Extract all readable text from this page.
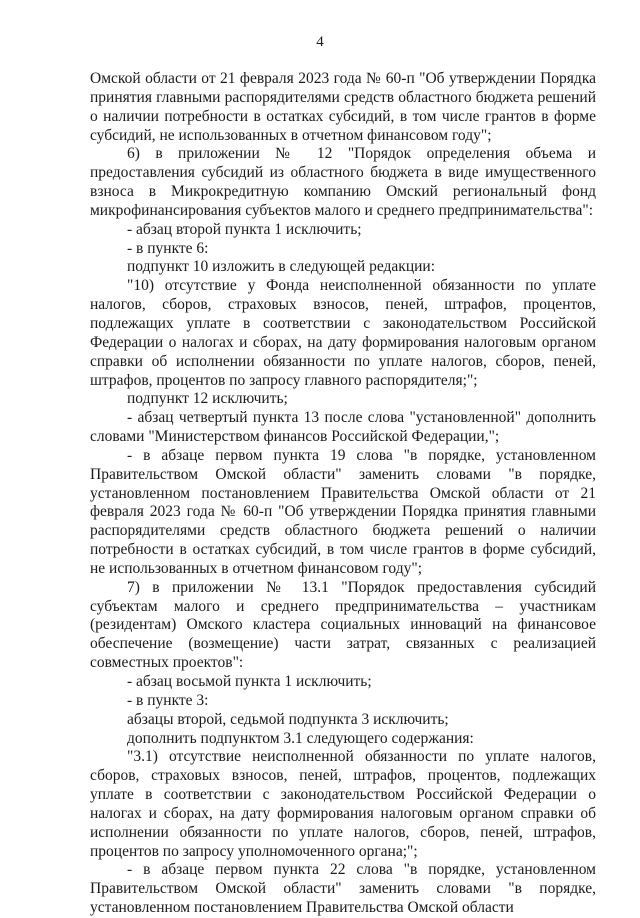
4

Омской области от 21 февраля 2023 года № 60-п "Об утверждении Порядка принятия главными распорядителями средств областного бюджета решений о наличии потребности в остатках субсидий, в том числе грантов в форме субсидий, не использованных в отчетном финансовом году";

6) в приложении № 12 "Порядок определения объема и предоставления субсидий из областного бюджета в виде имущественного взноса в Микрокредитную компанию Омский региональный фонд микрофинансирования субъектов малого и среднего предпринимательства":

- абзац второй пункта 1 исключить;

- в пункте 6:

подпункт 10 изложить в следующей редакции:

"10) отсутствие у Фонда неисполненной обязанности по уплате налогов, сборов, страховых взносов, пеней, штрафов, процентов, подлежащих уплате в соответствии с законодательством Российской Федерации о налогах и сборах, на дату формирования налоговым органом справки об исполнении обязанности по уплате налогов, сборов, пеней, штрафов, процентов по запросу главного распорядителя;";

подпункт 12 исключить;

- абзац четвертый пункта 13 после слова "установленной" дополнить словами "Министерством финансов Российской Федерации,";

- в абзаце первом пункта 19 слова "в порядке, установленном Правительством Омской области" заменить словами "в порядке, установленном постановлением Правительства Омской области от 21 февраля 2023 года № 60-п "Об утверждении Порядка принятия главными распорядителями средств областного бюджета решений о наличии потребности в остатках субсидий, в том числе грантов в форме субсидий, не использованных в отчетном финансовом году";

7) в приложении № 13.1 "Порядок предоставления субсидий субъектам малого и среднего предпринимательства – участникам (резидентам) Омского кластера социальных инноваций на финансовое обеспечение (возмещение) части затрат, связанных с реализацией совместных проектов":

- абзац восьмой пункта 1 исключить;

- в пункте 3:

абзацы второй, седьмой подпункта 3 исключить;

дополнить подпунктом 3.1 следующего содержания:

"3.1) отсутствие неисполненной обязанности по уплате налогов, сборов, страховых взносов, пеней, штрафов, процентов, подлежащих уплате в соответствии с законодательством Российской Федерации о налогах и сборах, на дату формирования налоговым органом справки об исполнении обязанности по уплате налогов, сборов, пеней, штрафов, процентов по запросу уполномоченного органа;";

- в абзаце первом пункта 22 слова "в порядке, установленном Правительством Омской области" заменить словами "в порядке, установленном постановлением Правительства Омской области
